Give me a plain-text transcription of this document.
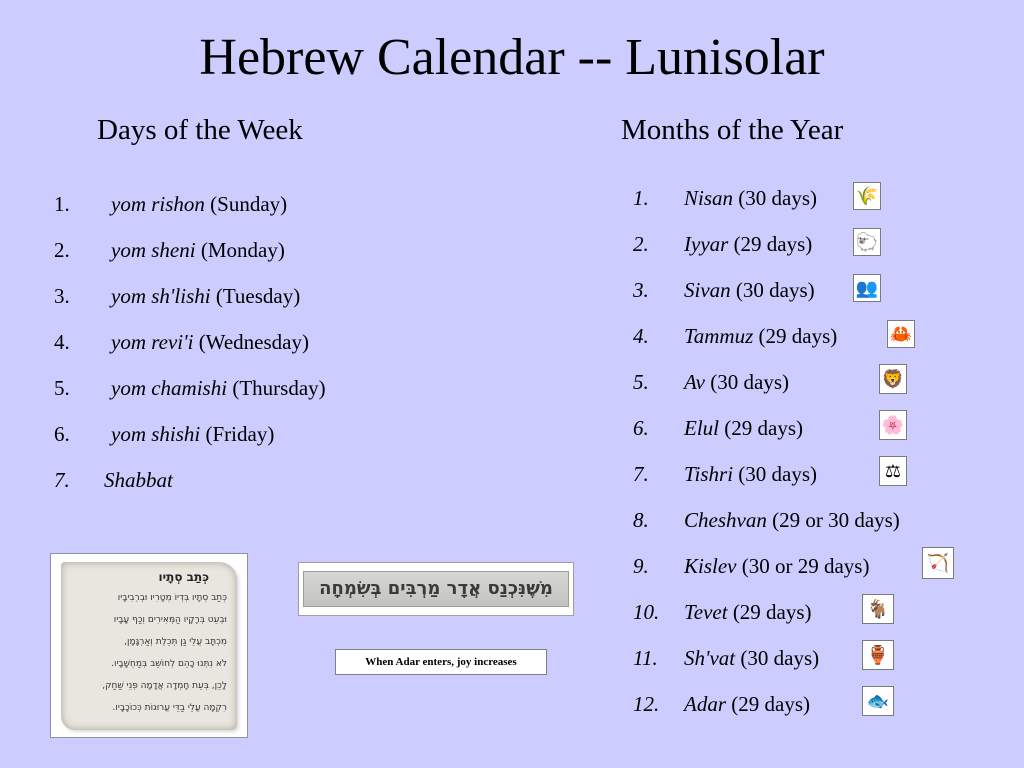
Hebrew Calendar -- Lunisolar
Days of the Week	Months of the Year
1. yom rishon (Sunday)
2. yom sheni (Monday)
3. yom sh'lishi (Tuesday)
4. yom revi'i (Wednesday)
5. yom chamishi (Thursday)
6. yom shishi (Friday)
7. Shabbat
1. Nisan (30 days) 🌾
2. Iyyar (29 days) 🐑
3. Sivan (30 days) 👥
4. Tammuz (29 days)	🦀
5. Av (30 days)	🦁
6. Elul (29 days)	🌸
7. Tishri (30 days)	⚖
8. Cheshvan (29 or 30 days)
9. Kislev (30 or 29 days)	🏹
10. Tevet (29 days)	🐐
11. Sh'vat (30 days)	🏺
12. Adar (29 days)	🐟
כְּתַב סְתָיו
כְּתַב סְתָיו בְּדְיוֹ מְטָרִיו וּבְרְבִיבָיו
וּבְעֵט בְּרָקָיו הַמְּאִירִים וְכַף עָבָיו
מִכְתָּב עֲלֵי גַן תְּכֵלֶת וְאַרְגָּמָן,
לֹא נִתְּנוּ כָהֵם לְחוֹשֵׁב בְּמַחְשָׁבָיו.
לָכֵן, בְּעֵת חָמְדָה אֲדָמָה פְּנֵי שַׁחַק,
רִקְמָה עֲלֵי בַדֵּי עֲרוּגוֹת כְּכוֹכָבָיו.
מִשֶּׁנִּכְנַס אֲדָר מַרְבִּים בְּשִׂמְחָה
When Adar enters, joy increases
